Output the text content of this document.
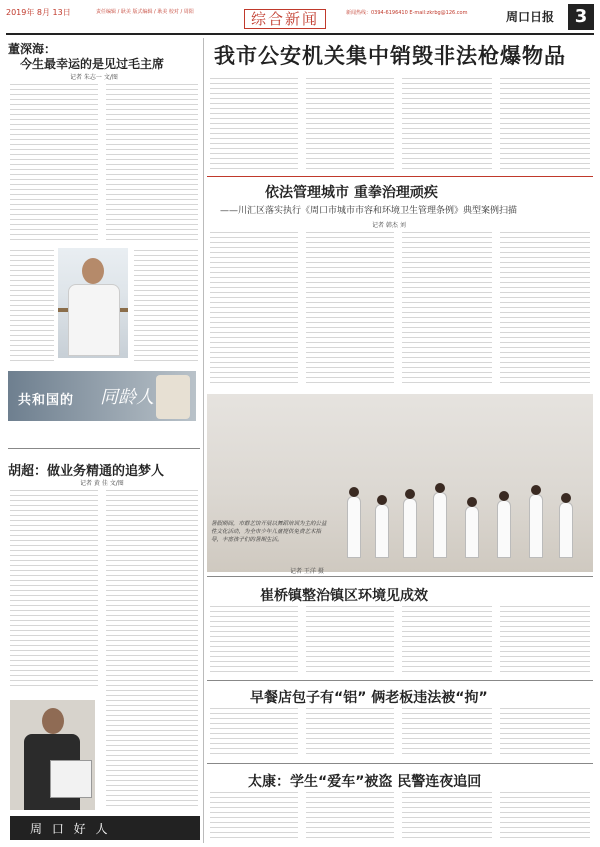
2019年 8月 13日	责任编辑 / 耿美 版式编辑 / 耿美 校对 / 周阳	综合新闻	新闻热线：0394-6196410 E-mail:zkrbg@126.com	周口日报	3
董深海：
今生最幸运的是见过毛主席
记者 朱志一 文/图
共和国的 同龄人
胡超：做业务精通的追梦人
记者 黄 佳 文/图
周 口 好 人
我市公安机关集中销毁非法枪爆物品
依法管理城市 重拳治理顽疾
——川汇区落实执行《周口市城市市容和环境卫生管理条例》典型案例扫描
记者 韩杰 刘
暑假期间，市群艺馆开展以舞蹈培训为主的公益性文化活动，为全市少年儿童提供免费艺术指导，丰富孩子们的暑期生活。
记者 王洋 摄
崔桥镇整治镇区环境见成效
早餐店包子有“铝” 俩老板违法被“拘”
太康：学生“爱车”被盗 民警连夜追回
